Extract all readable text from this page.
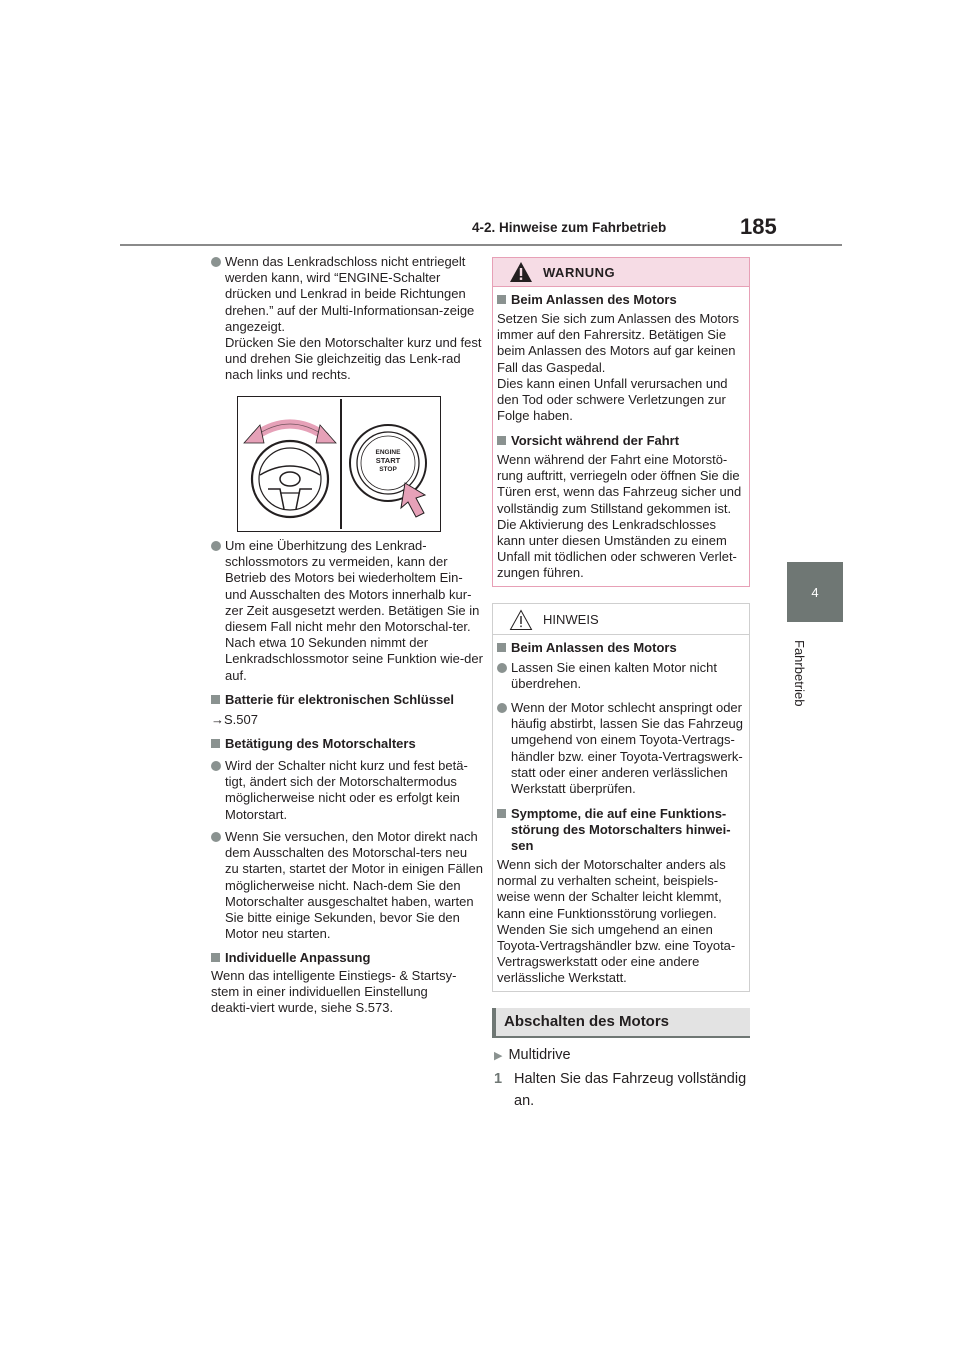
4-2. Hinweise zum Fahrbetrieb	185
4
Fahrbetrieb
Wenn das Lenkradschloss nicht entriegelt werden kann, wird “ENGINE-Schalter drücken und Lenkrad in beide Richtungen drehen.” auf der Multi-Informationsan-zeige angezeigt.
Drücken Sie den Motorschalter kurz und fest und drehen Sie gleichzeitig das Lenk-rad nach links und rechts.
ENGINE
START
STOP
Um eine Überhitzung des Lenkrad-schlossmotors zu vermeiden, kann der Betrieb des Motors bei wiederholtem Ein- und Ausschalten des Motors innerhalb kur-zer Zeit ausgesetzt werden. Betätigen Sie in diesem Fall nicht mehr den Motorschal-ter. Nach etwa 10 Sekunden nimmt der Lenkradschlossmotor seine Funktion wie-der auf.
Batterie für elektronischen Schlüssel
→S.507
Betätigung des Motorschalters
Wird der Schalter nicht kurz und fest betä-tigt, ändert sich der Motorschaltermodus möglicherweise nicht oder es erfolgt kein Motorstart.
Wenn Sie versuchen, den Motor direkt nach dem Ausschalten des Motorschal-ters neu zu starten, startet der Motor in einigen Fällen möglicherweise nicht. Nach-dem Sie den Motorschalter ausgeschaltet haben, warten Sie bitte einige Sekunden, bevor Sie den Motor neu starten.
Individuelle Anpassung
Wenn das intelligente Einstiegs- & Startsy-stem in einer individuellen Einstellung deakti-viert wurde, siehe S.573.
WARNUNG
Beim Anlassen des Motors
Setzen Sie sich zum Anlassen des Motors immer auf den Fahrersitz. Betätigen Sie beim Anlassen des Motors auf gar keinen Fall das Gaspedal.
Dies kann einen Unfall verursachen und den Tod oder schwere Verletzungen zur Folge haben.
Vorsicht während der Fahrt
Wenn während der Fahrt eine Motorstö-rung auftritt, verriegeln oder öffnen Sie die Türen erst, wenn das Fahrzeug sicher und vollständig zum Stillstand gekommen ist. Die Aktivierung des Lenkradschlosses kann unter diesen Umständen zu einem Unfall mit tödlichen oder schweren Verlet-zungen führen.
HINWEIS
Beim Anlassen des Motors
Lassen Sie einen kalten Motor nicht überdrehen.
Wenn der Motor schlecht anspringt oder häufig abstirbt, lassen Sie das Fahrzeug umgehend von einem Toyota-Vertrags-händler bzw. einer Toyota-Vertragswerk-statt oder einer anderen verlässlichen Werkstatt überprüfen.
Symptome, die auf eine Funktions-störung des Motorschalters hinwei-sen
Wenn sich der Motorschalter anders als normal zu verhalten scheint, beispiels-weise wenn der Schalter leicht klemmt, kann eine Funktionsstörung vorliegen. Wenden Sie sich umgehend an einen Toyota-Vertragshändler bzw. eine Toyota-Vertragswerkstatt oder eine andere verlässliche Werkstatt.
Abschalten des Motors
▶ Multidrive
1 Halten Sie das Fahrzeug vollständig an.
